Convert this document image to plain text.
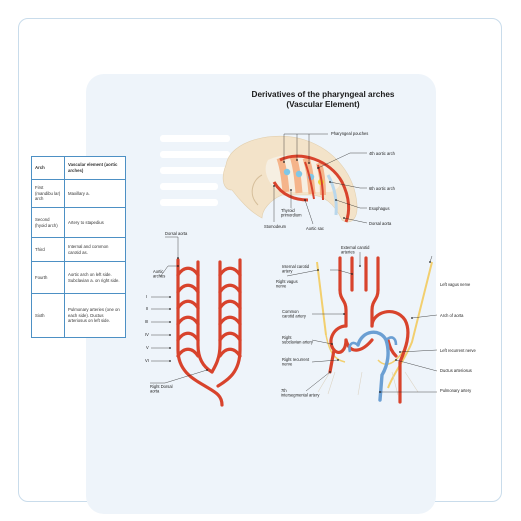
Derivatives of the pharyngeal arches (Vascular Element)
Arch	Vascular element (aortic arches)
First (mandibu lar) arch	Maxillary a.
Second (hyoid arch)	Artery to stapedius
Third	Internal and common carotid as.
Fourth	Aortic arch on left side. Subclavian a. on right side.
Sixth	Pulmonary arteries (one on each side). Ductus arteriosus on left side.
Pharyngeal pouches
4th aortic arch
6th aortic arch
Esophagus
Dorsal aorta
Thyroid primordium
Stomodeum	Aortic sac
Dorsal aorta
Aortic arches
I
II
III
IV
V
VI
Right Dorsal aorta
External carotid arteries
Internal carotid artery
Right vagus nerve	Left vagus nerve
Common carotid artery	Arch of aorta
Right subclavian artery
Left recurrent nerve
Right recurrent nerve
Ductus arteriosus
7th intersegmental artery
Pulmonary artery
